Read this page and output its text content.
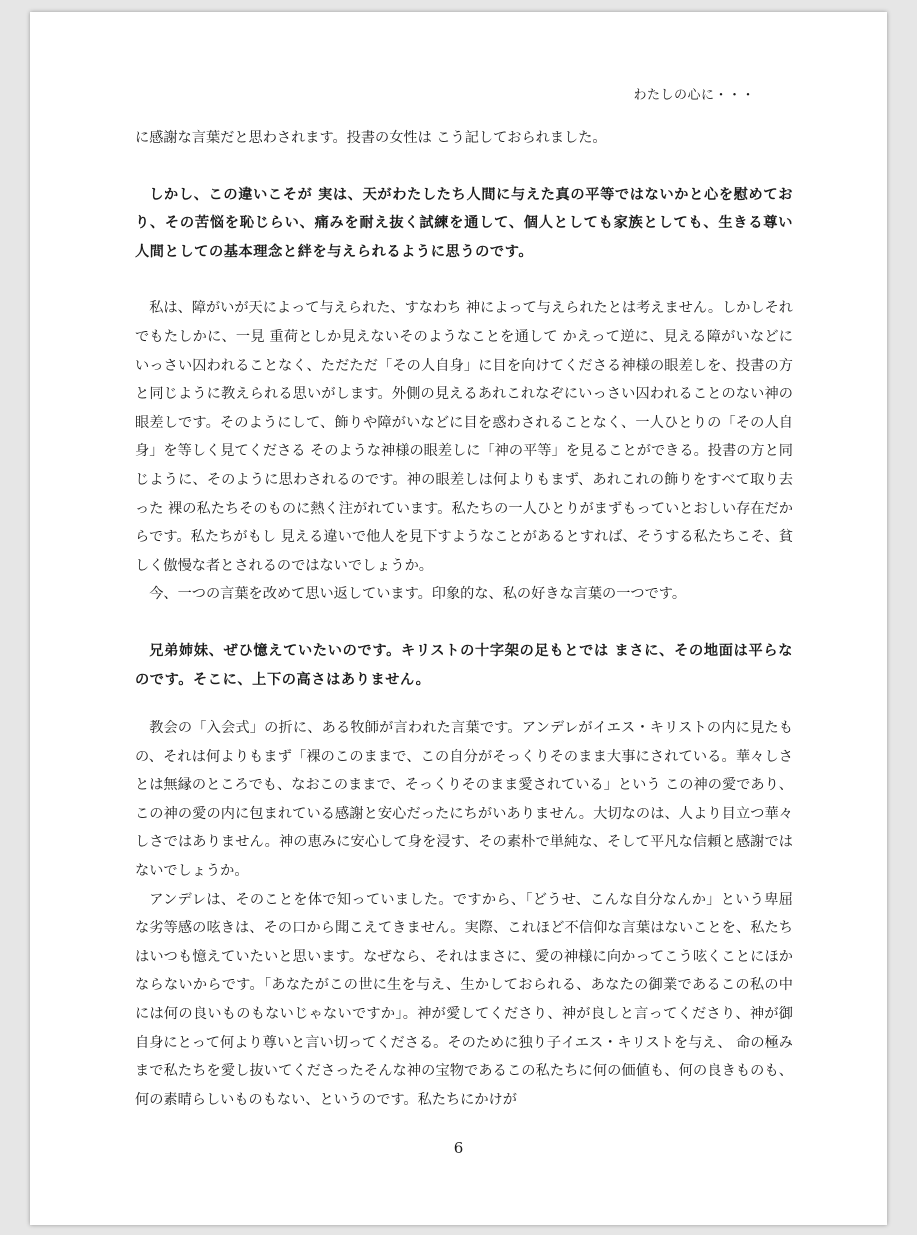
わたしの心に・・・

に感謝な言葉だと思わされます。投書の女性は こう記しておられました。

しかし、この違いこそが 実は、天がわたしたち人間に与えた真の平等ではないかと心を慰めており、その苦悩を恥じらい、痛みを耐え抜く試練を通して、個人としても家族としても、生きる尊い人間としての基本理念と絆を与えられるように思うのです。

私は、障がいが天によって与えられた、すなわち 神によって与えられたとは考えません。しかしそれでもたしかに、一見 重荷としか見えないそのようなことを通して かえって逆に、見える障がいなどにいっさい囚われることなく、ただただ「その人自身」に目を向けてくださる神様の眼差しを、投書の方と同じように教えられる思いがします。外側の見えるあれこれなぞにいっさい囚われることのない神の眼差しです。そのようにして、飾りや障がいなどに目を惑わされることなく、一人ひとりの「その人自身」を等しく見てくださる そのような神様の眼差しに「神の平等」を見ることができる。投書の方と同じように、そのように思わされるのです。神の眼差しは何よりもまず、あれこれの飾りをすべて取り去った 裸の私たちそのものに熱く注がれています。私たちの一人ひとりがまずもっていとおしい存在だからです。私たちがもし 見える違いで他人を見下すようなことがあるとすれば、そうする私たちこそ、貧しく傲慢な者とされるのではないでしょうか。

今、一つの言葉を改めて思い返しています。印象的な、私の好きな言葉の一つです。

兄弟姉妹、ぜひ憶えていたいのです。キリストの十字架の足もとでは まさに、その地面は平らなのです。そこに、上下の高さはありません。

教会の「入会式」の折に、ある牧師が言われた言葉です。アンデレがイエス・キリストの内に見たもの、それは何よりもまず「裸のこのままで、この自分がそっくりそのまま大事にされている。華々しさとは無縁のところでも、なおこのままで、そっくりそのまま愛されている」という この神の愛であり、この神の愛の内に包まれている感謝と安心だったにちがいありません。大切なのは、人より目立つ華々しさではありません。神の恵みに安心して身を浸す、その素朴で単純な、そして平凡な信頼と感謝ではないでしょうか。

アンデレは、そのことを体で知っていました。ですから、「どうせ、こんな自分なんか」という卑屈な劣等感の呟きは、その口から聞こえてきません。実際、これほど不信仰な言葉はないことを、私たちはいつも憶えていたいと思います。なぜなら、それはまさに、愛の神様に向かってこう呟くことにほかならないからです。「あなたがこの世に生を与え、生かしておられる、あなたの御業であるこの私の中には何の良いものもないじゃないですか」。神が愛してくださり、神が良しと言ってくださり、神が御自身にとって何より尊いと言い切ってくださる。そのために独り子イエス・キリストを与え、 命の極みまで私たちを愛し抜いてくださったそんな神の宝物であるこの私たちに何の価値も、何の良きものも、何の素晴らしいものもない、というのです。私たちにかけが

6
